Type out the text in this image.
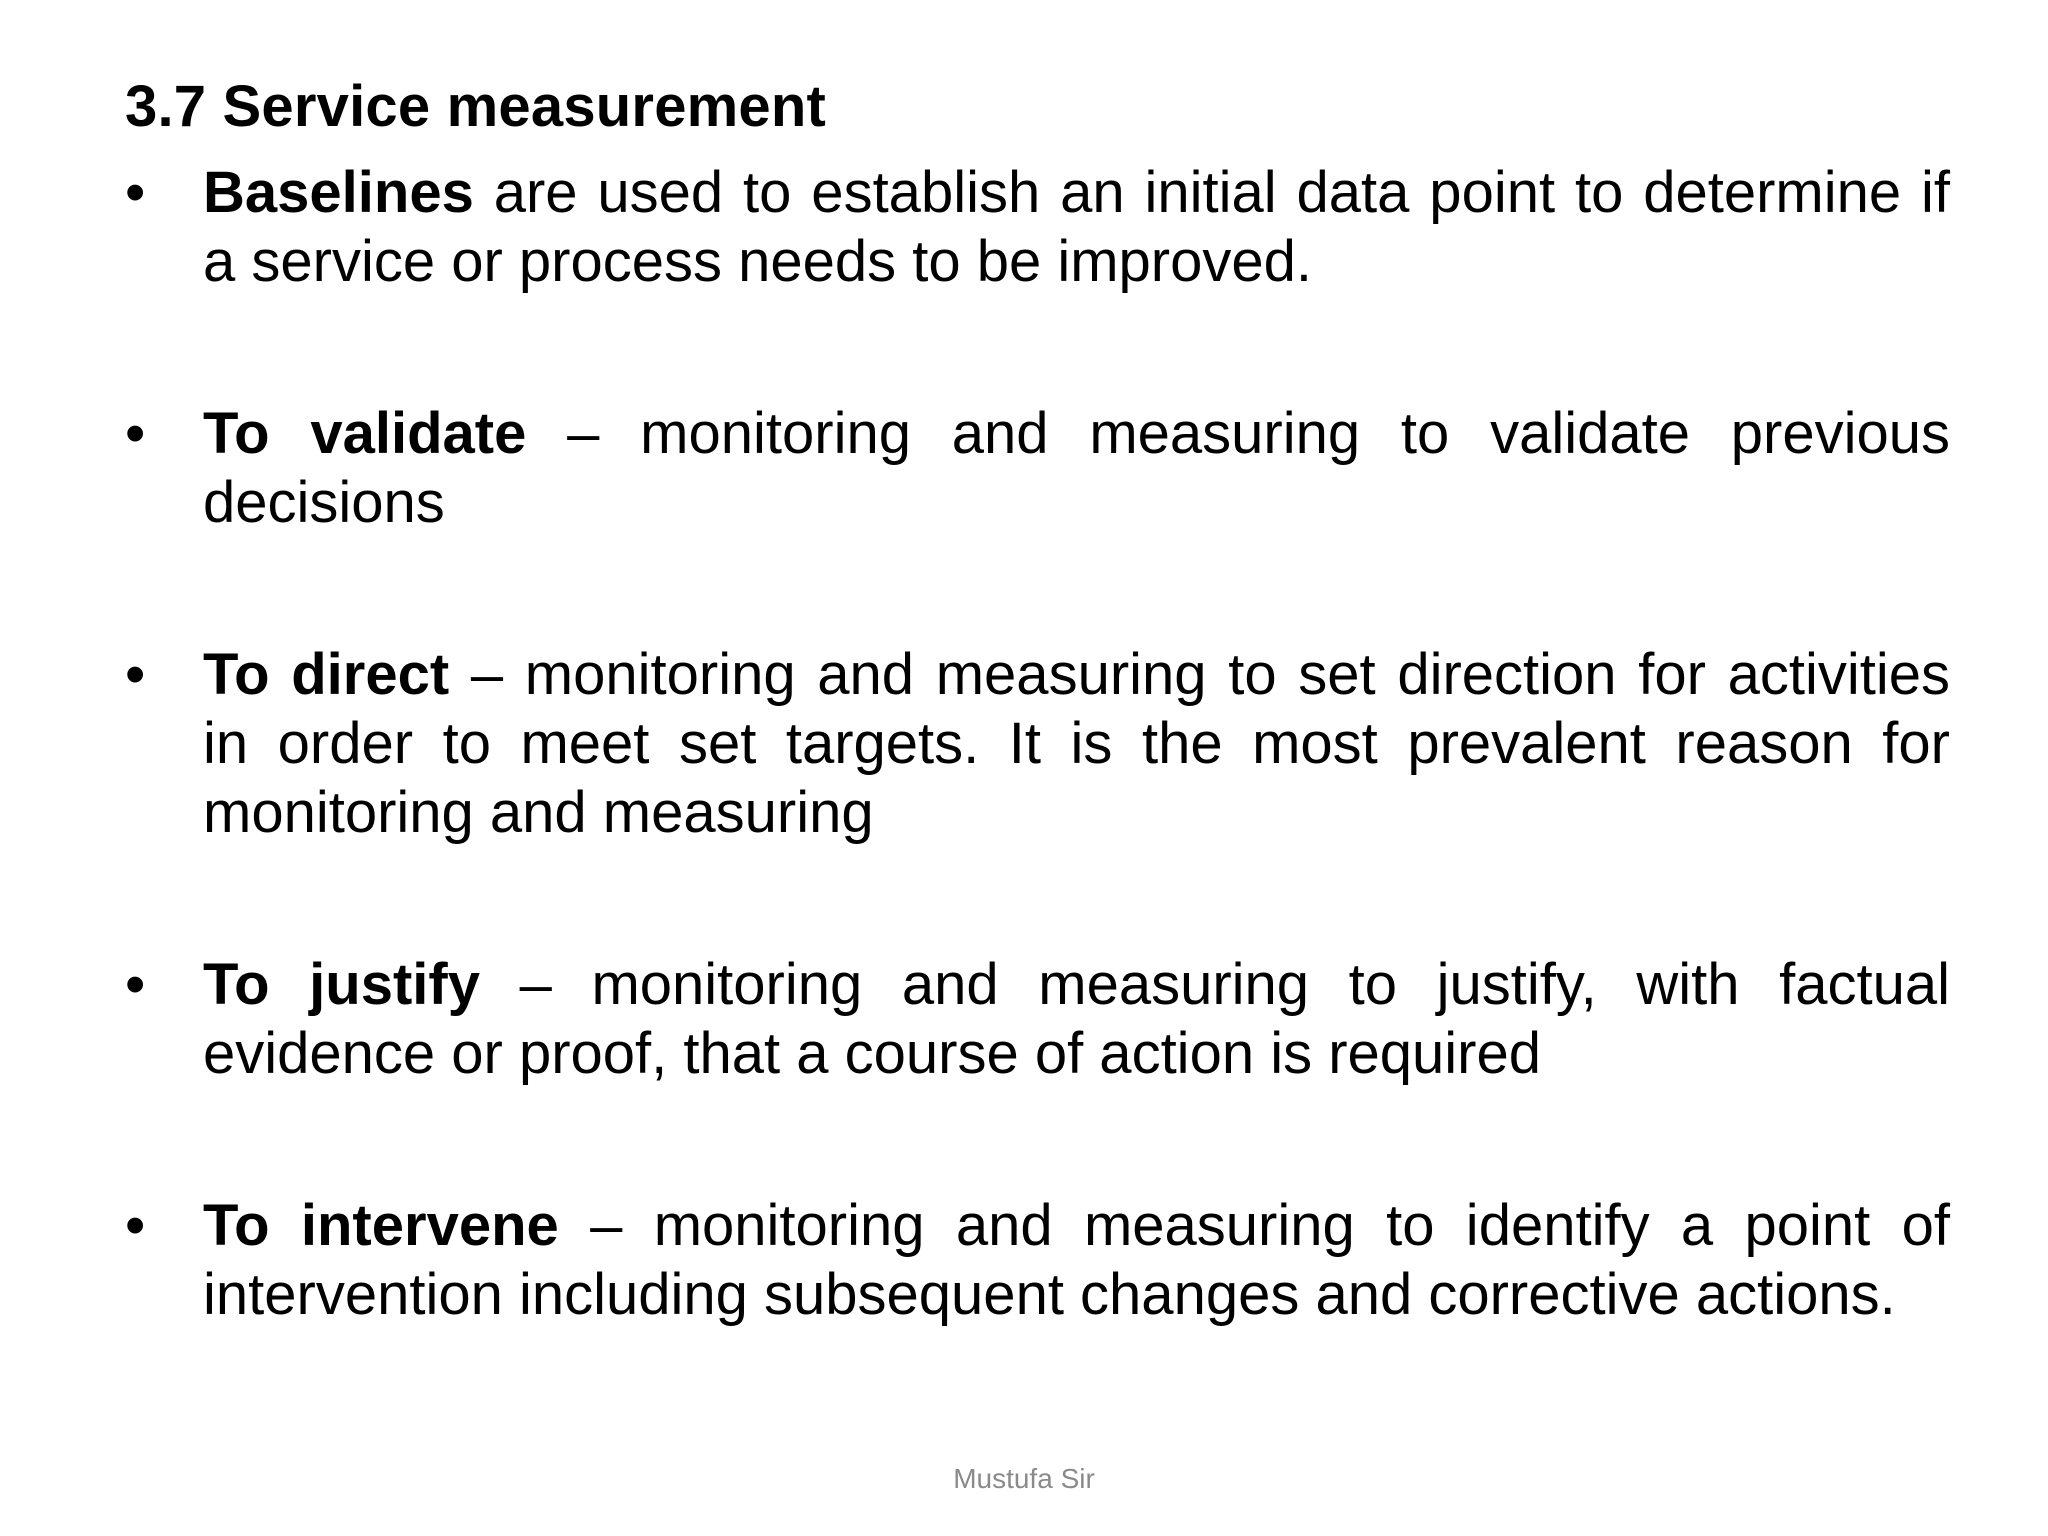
3.7 Service measurement
• Baselines are used to establish an initial data point to determine if a service or process needs to be improved.
• To validate – monitoring and measuring to validate previous decisions
• To direct – monitoring and measuring to set direction for activities in order to meet set targets. It is the most prevalent reason for monitoring and measuring
• To justify – monitoring and measuring to justify, with factual evidence or proof, that a course of action is required
• To intervene – monitoring and measuring to identify a point of intervention including subsequent changes and corrective actions.
Mustufa Sir
